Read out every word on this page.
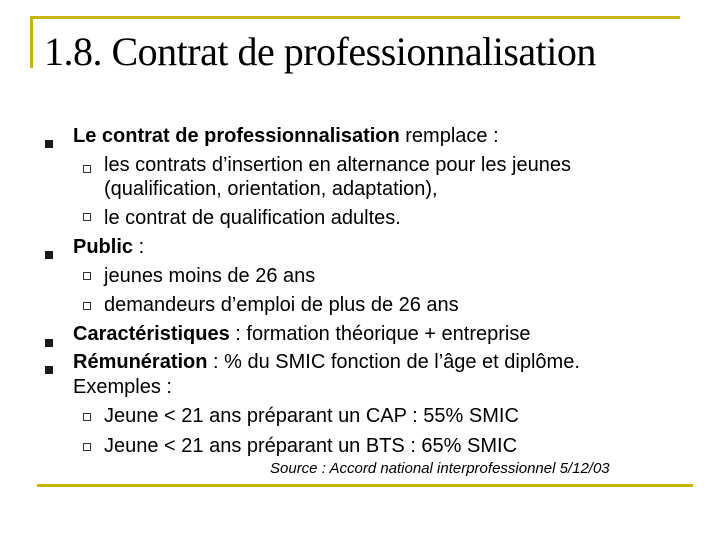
1.8. Contrat de professionnalisation
Le contrat de professionnalisation remplace :
les contrats d’insertion en alternance pour les jeunes
(qualification, orientation, adaptation),
le contrat de qualification adultes.
Public :
jeunes moins de 26 ans
demandeurs d’emploi de plus de 26 ans
Caractéristiques : formation théorique + entreprise
Rémunération : % du SMIC fonction de l’âge et diplôme.
Exemples :
Jeune < 21 ans préparant un CAP : 55% SMIC
Jeune < 21 ans préparant un BTS : 65% SMIC
Source : Accord national interprofessionnel 5/12/03
